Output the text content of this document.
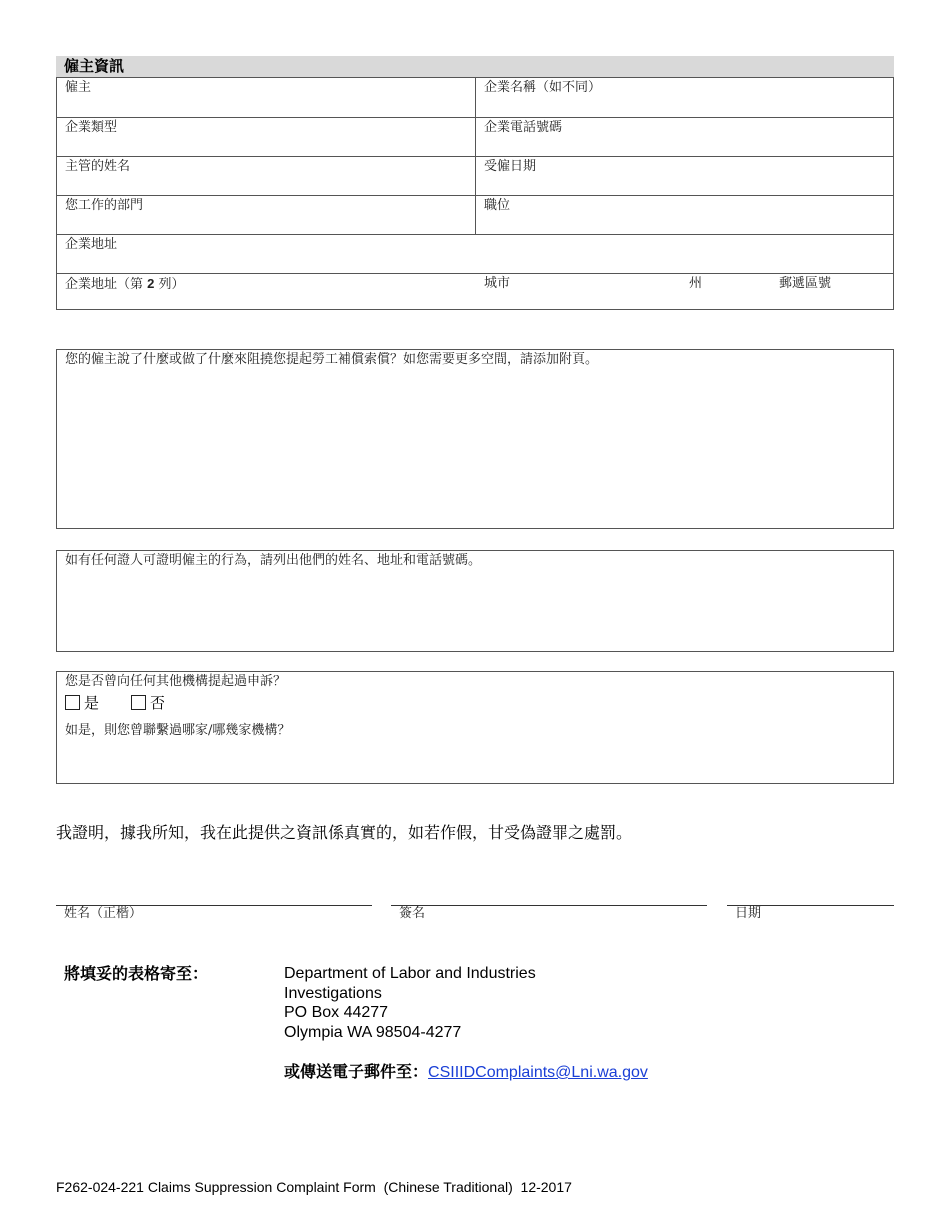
僱主資訊
僱主	企業名稱（如不同）
企業類型	企業電話號碼
主管的姓名	受僱日期
您工作的部門	職位
企業地址
企業地址（第 2 列）	城市	州	郵遞區號
您的僱主說了什麼或做了什麼來阻撓您提起勞工補償索償？如您需要更多空間，請添加附頁。
如有任何證人可證明僱主的行為，請列出他們的姓名、地址和電話號碼。
您是否曾向任何其他機構提起過申訴？
是	否
如是，則您曾聯繫過哪家/哪幾家機構？
我證明，據我所知，我在此提供之資訊係真實的，如若作假，甘受偽證罪之處罰。
姓名（正楷）	簽名	日期
將填妥的表格寄至：	Department of Labor and Industries
Investigations
PO Box 44277
Olympia WA 98504-4277
或傳送電子郵件至：CSIIIDComplaints@Lni.wa.gov
F262-024-221 Claims Suppression Complaint Form  (Chinese Traditional)  12-2017
